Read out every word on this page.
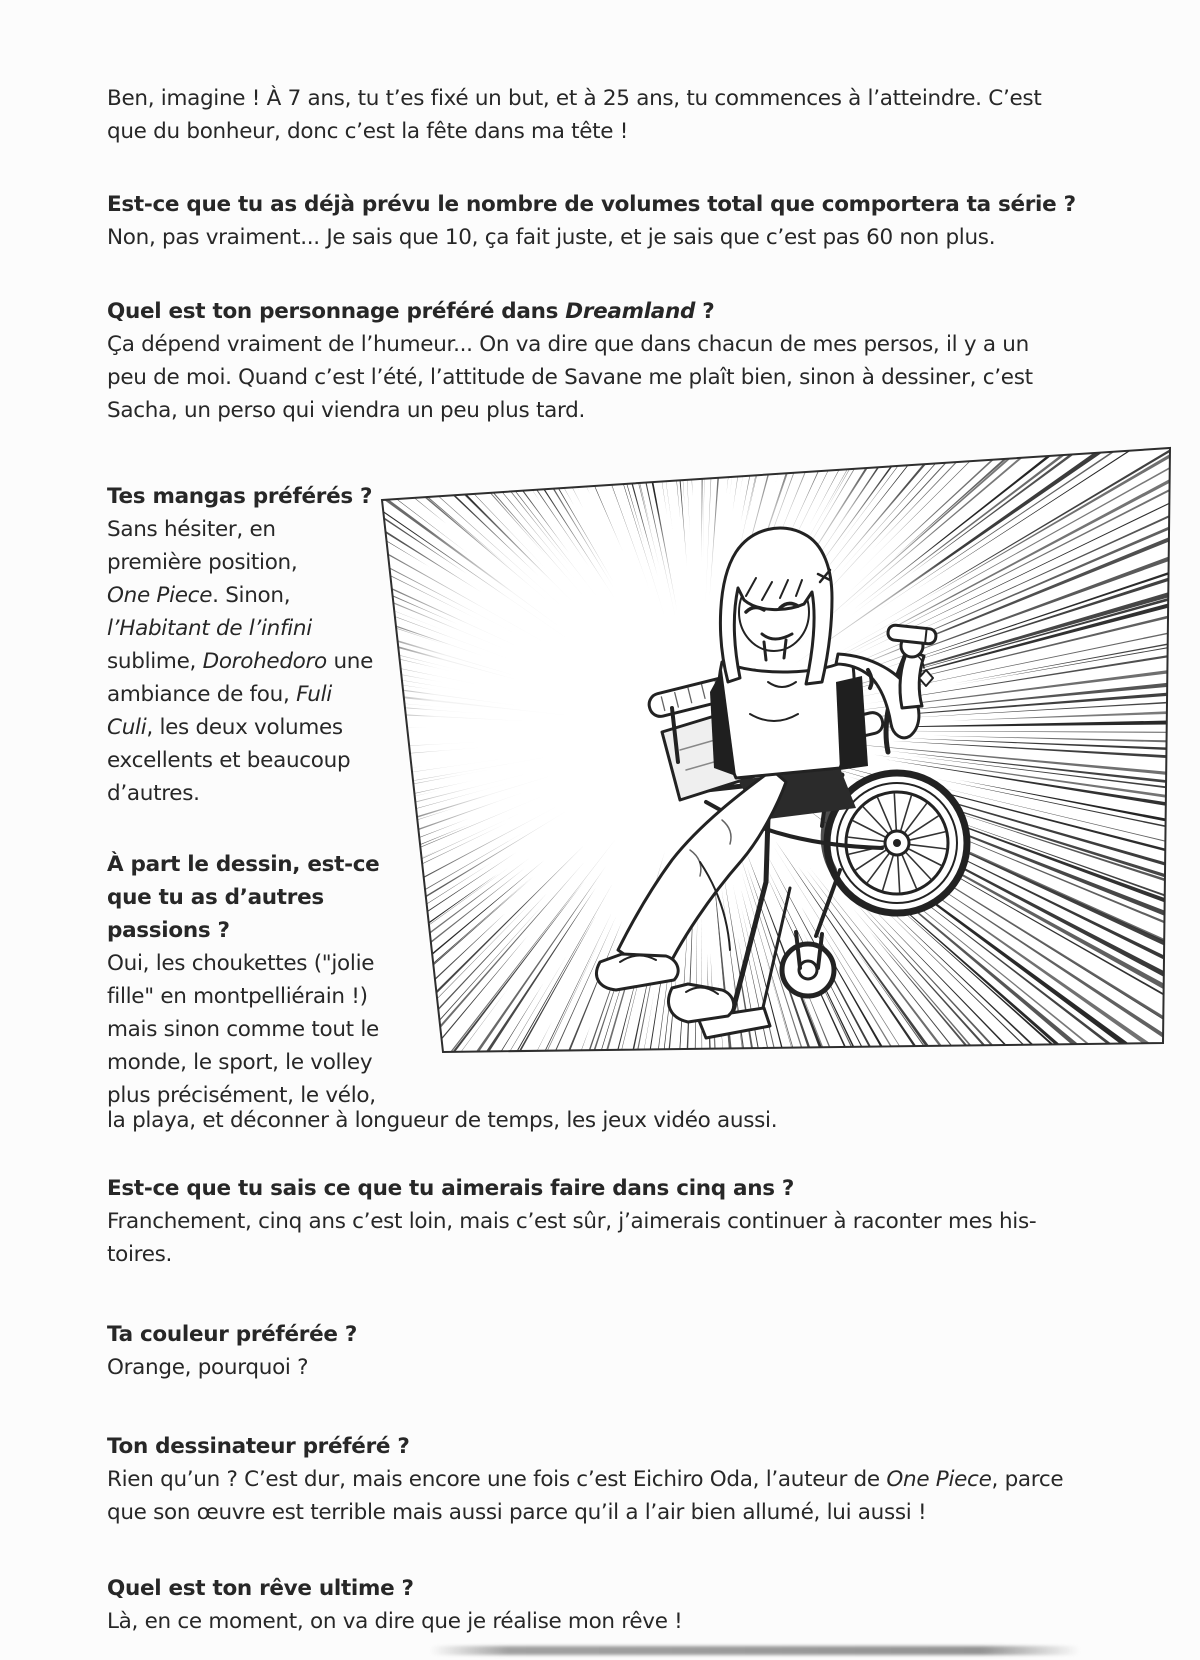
Ben, imagine ! À 7 ans, tu t’es fixé un but, et à 25 ans, tu commences à l’atteindre. C’est
que du bonheur, donc c’est la fête dans ma tête !

Est-ce que tu as déjà prévu le nombre de volumes total que comportera ta série ?

Non, pas vraiment... Je sais que 10, ça fait juste, et je sais que c’est pas 60 non plus.

Quel est ton personnage préféré dans Dreamland ?

Ça dépend vraiment de l’humeur... On va dire que dans chacun de mes persos, il y a un
peu de moi. Quand c’est l’été, l’attitude de Savane me plaît bien, sinon à dessiner, c’est
Sacha, un perso qui viendra un peu plus tard.

Tes mangas préférés ?

Sans hésiter, en
première position,
One Piece. Sinon,
l’Habitant de l’infini
sublime, Dorohedoro une
ambiance de fou, Fuli
Culi, les deux volumes
excellents et beaucoup
d’autres.

À part le dessin, est-ce
que tu as d’autres
passions ?

Oui, les choukettes ("jolie
fille" en montpelliérain !)
mais sinon comme tout le
monde, le sport, le volley
plus précisément, le vélo,

la playa, et déconner à longueur de temps, les jeux vidéo aussi.

Est-ce que tu sais ce que tu aimerais faire dans cinq ans ?

Franchement, cinq ans c’est loin, mais c’est sûr, j’aimerais continuer à raconter mes his-
toires.

Ta couleur préférée ?

Orange, pourquoi ?

Ton dessinateur préféré ?

Rien qu’un ? C’est dur, mais encore une fois c’est Eichiro Oda, l’auteur de One Piece, parce
que son œuvre est terrible mais aussi parce qu’il a l’air bien allumé, lui aussi !

Quel est ton rêve ultime ?

Là, en ce moment, on va dire que je réalise mon rêve !
